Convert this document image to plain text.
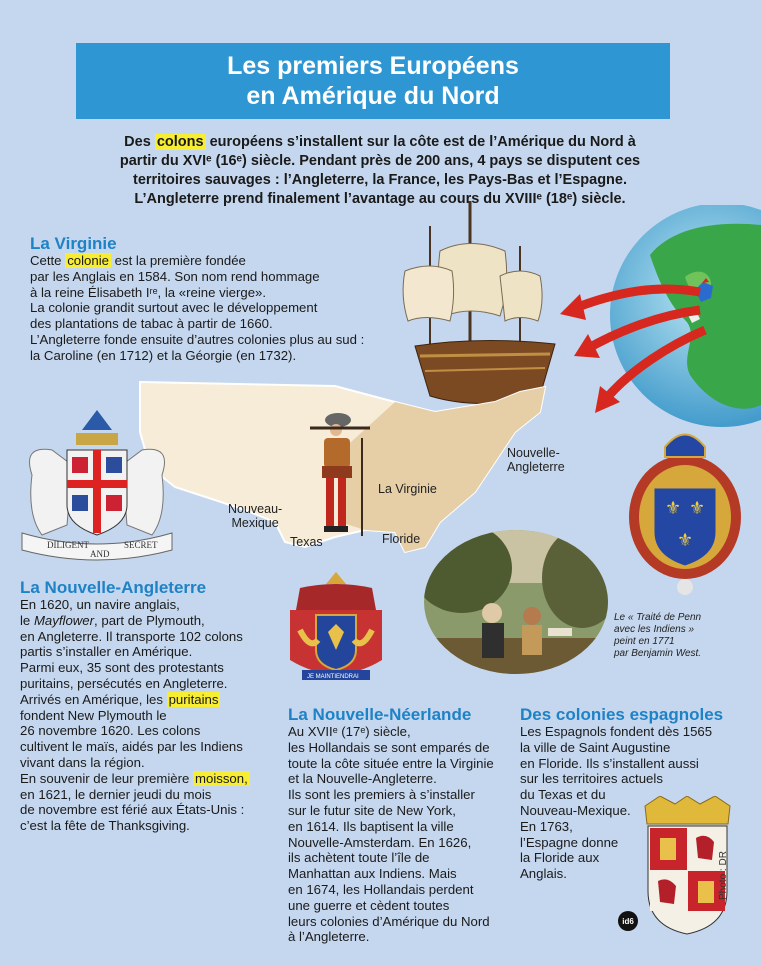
Les premiers Européens
en Amérique du Nord

Des colons européens s’installent sur la côte est de l’Amérique du Nord à

partir du XVIᵉ (16ᵉ) siècle. Pendant près de 200 ans, 4 pays se disputent ces

territoires sauvages : l’Angleterre, la France, les Pays-Bas et l’Espagne.

L’Angleterre prend finalement l’avantage au cours du XVIIIᵉ (18ᵉ) siècle.

La Virginie

Cette colonie est la première fondée

par les Anglais en 1584. Son nom rend hommage

à la reine Élisabeth Iʳᵉ, la «reine vierge».

La colonie grandit surtout avec le développement

des plantations de tabac à partir de 1660.

L’Angleterre fonde ensuite d’autres colonies plus au sud :

la Caroline (en 1712) et la Géorgie (en 1732).

Nouvelle-
Angleterre
La Virginie
Nouveau-
Mexique
Texas	Floride
DILIGENT
AND
SECRET
⚜ ⚜
⚜
Le « Traité de Penn
avec les Indiens »
peint en 1771
par Benjamin West.
JE MAINTIENDRAI
La Nouvelle-Angleterre

En 1620, un navire anglais,

le Mayflower, part de Plymouth,

en Angleterre. Il transporte 102 colons

partis s’installer en Amérique.

Parmi eux, 35 sont des protestants

puritains, persécutés en Angleterre.

Arrivés en Amérique, les puritains

fondent New Plymouth le

26 novembre 1620. Les colons

cultivent le maïs, aidés par les Indiens

vivant dans la région.

En souvenir de leur première moisson,

en 1621, le dernier jeudi du mois

de novembre est férié aux États-Unis :

c’est la fête de Thanksgiving.

La Nouvelle-Néerlande

Au XVIIᵉ (17ᵉ) siècle,

les Hollandais se sont emparés de

toute la côte située entre la Virginie

et la Nouvelle-Angleterre.

Ils sont les premiers à s’installer

sur le futur site de New York,

en 1614. Ils baptisent la ville

Nouvelle-Amsterdam. En 1626,

ils achètent toute l’île de

Manhattan aux Indiens. Mais

en 1674, les Hollandais perdent

une guerre et cèdent toutes

leurs colonies d’Amérique du Nord

à l’Angleterre.

Des colonies espagnoles

Les Espagnols fondent dès 1565

la ville de Saint Augustine

en Floride. Ils s’installent aussi

sur les territoires actuels

du Texas et du

Nouveau-Mexique.

En 1763,

l’Espagne donne

la Floride aux

Anglais.

id6
Photo : DR
